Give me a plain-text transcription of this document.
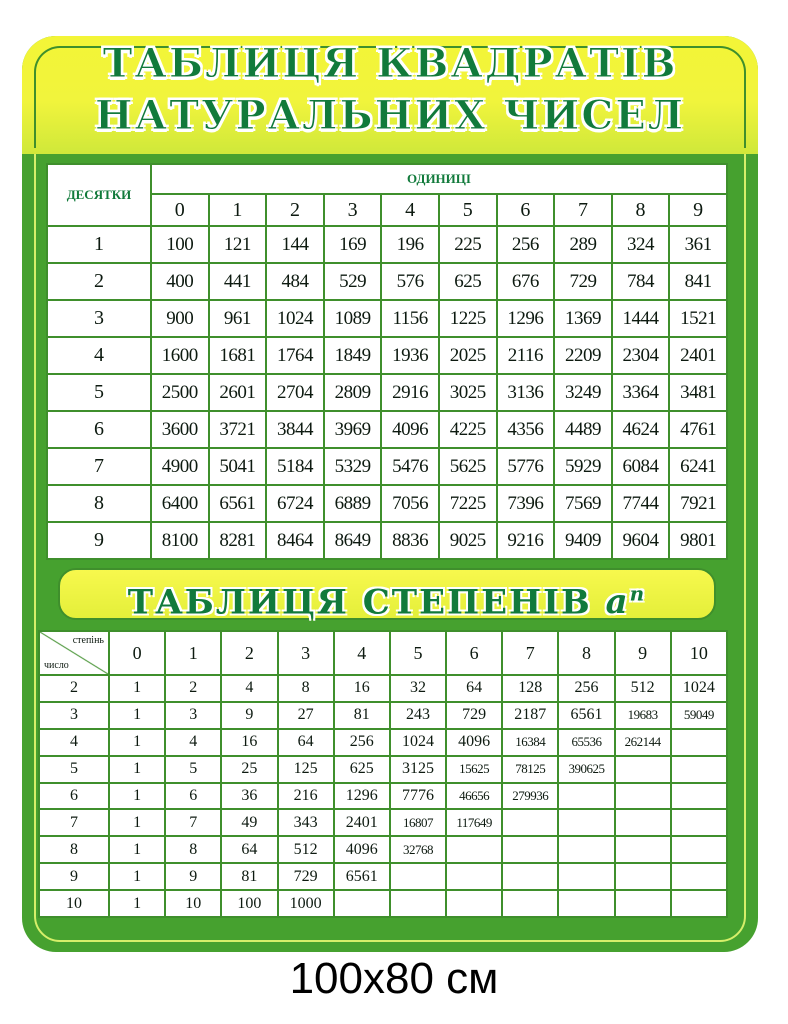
ТАБЛИЦЯ КВАДРАТІВ
НАТУРАЛЬНИХ ЧИСЕЛ
ДЕСЯТКИ	ОДИНИЦІ									
	0	1	2	3	4	5	6	7	8	9
1	100	121	144	169	196	225	256	289	324	361
2	400	441	484	529	576	625	676	729	784	841
3	900	961	1024	1089	1156	1225	1296	1369	1444	1521
4	1600	1681	1764	1849	1936	2025	2116	2209	2304	2401
5	2500	2601	2704	2809	2916	3025	3136	3249	3364	3481
6	3600	3721	3844	3969	4096	4225	4356	4489	4624	4761
7	4900	5041	5184	5329	5476	5625	5776	5929	6084	6241
8	6400	6561	6724	6889	7056	7225	7396	7569	7744	7921
9	8100	8281	8464	8649	8836	9025	9216	9409	9604	9801
ТАБЛИЦЯ СТЕПЕНІВ $a^n$
степінь
число	0	1	2	3	4	5	6	7	8	9	10
2	1	2	4	8	16	32	64	128	256	512	1024
3	1	3	9	27	81	243	729	2187	6561	19683	59049
4	1	4	16	64	256	1024	4096	16384	65536	262144	
5	1	5	25	125	625	3125	15625	78125	390625		
6	1	6	36	216	1296	7776	46656	279936			
7	1	7	49	343	2401	16807	117649				
8	1	8	64	512	4096	32768					
9	1	9	81	729	6561						
10	1	10	100	1000							
100x80 см
